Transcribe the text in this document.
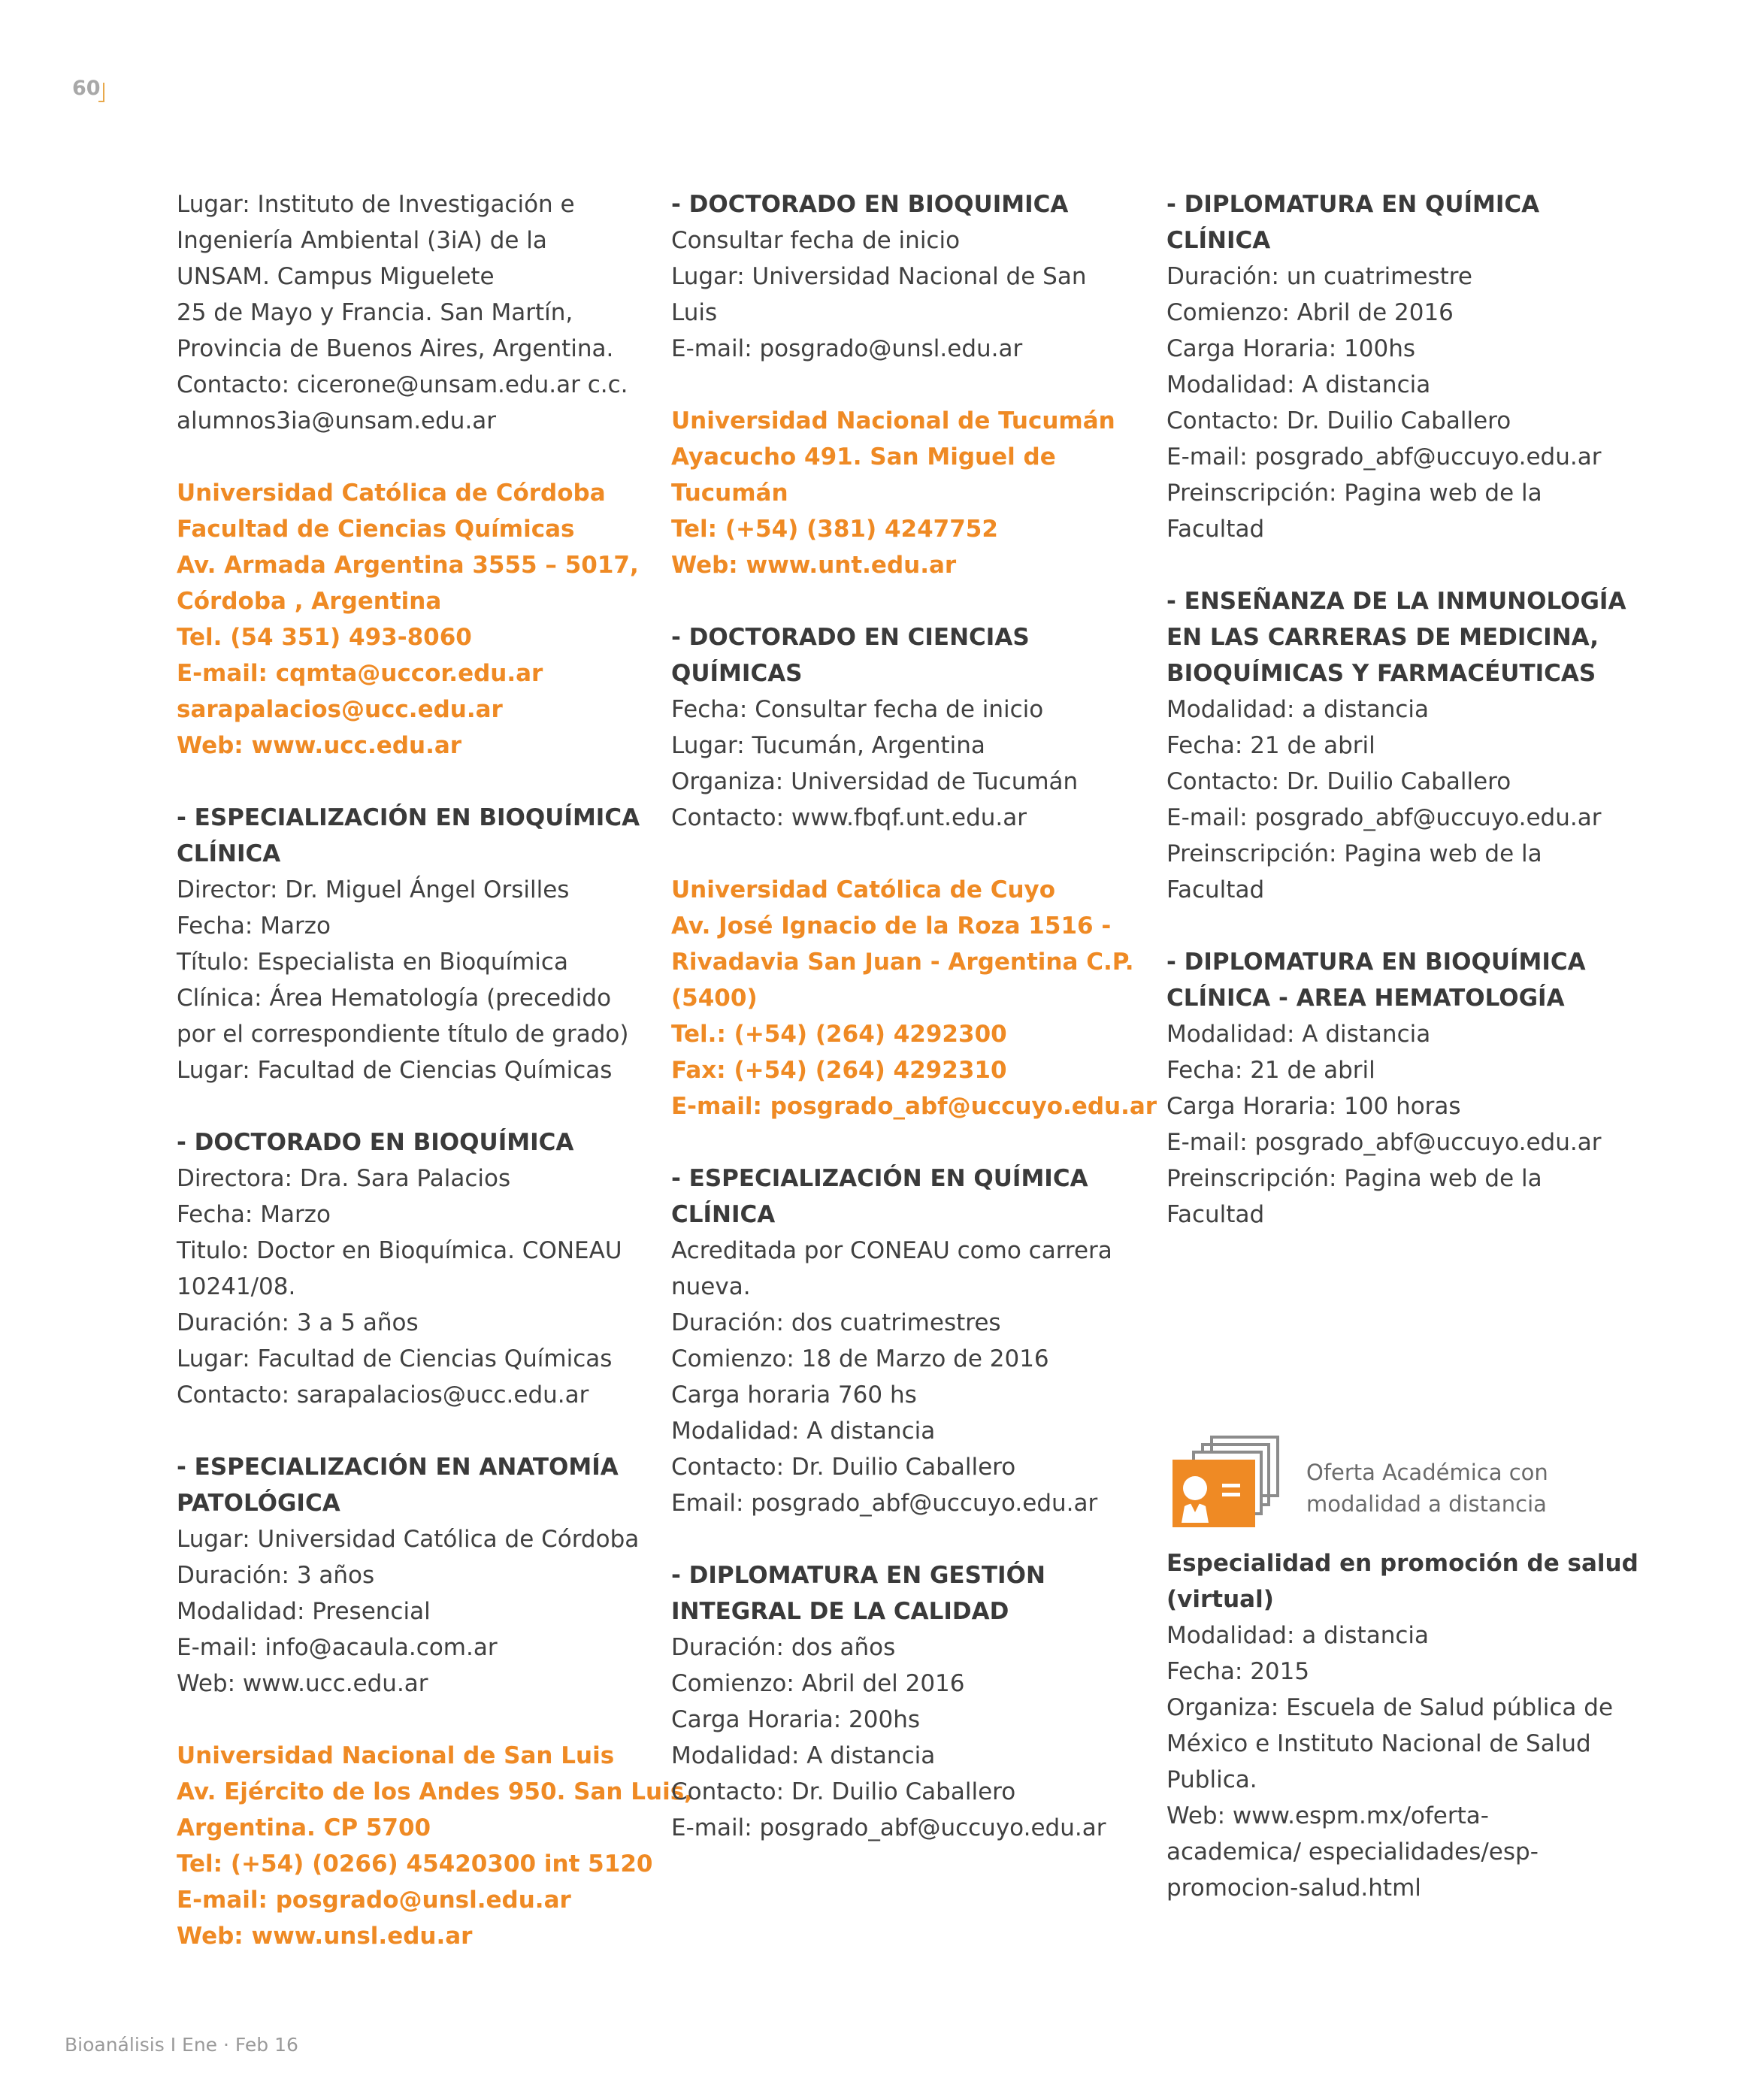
60
Lugar: Instituto de Investigación e
Ingeniería Ambiental (3iA) de la
UNSAM. Campus Miguelete
25 de Mayo y Francia. San Martín,
Provincia de Buenos Aires, Argentina.
Contacto: cicerone@unsam.edu.ar c.c.
alumnos3ia@unsam.edu.ar
Universidad Católica de Córdoba
Facultad de Ciencias Químicas
Av. Armada Argentina 3555 – 5017,
Córdoba , Argentina
Tel. (54 351) 493-8060
E-mail: cqmta@uccor.edu.ar
sarapalacios@ucc.edu.ar
Web: www.ucc.edu.ar
- ESPECIALIZACIÓN EN BIOQUÍMICA
CLÍNICA
Director: Dr. Miguel Ángel Orsilles
Fecha: Marzo
Título: Especialista en Bioquímica
Clínica: Área Hematología (precedido
por el correspondiente título de grado)
Lugar: Facultad de Ciencias Químicas
- DOCTORADO EN BIOQUÍMICA
Directora: Dra. Sara Palacios
Fecha: Marzo
Titulo: Doctor en Bioquímica. CONEAU
10241/08.
Duración: 3 a 5 años
Lugar: Facultad de Ciencias Químicas
Contacto: sarapalacios@ucc.edu.ar
- ESPECIALIZACIÓN EN ANATOMÍA
PATOLÓGICA
Lugar: Universidad Católica de Córdoba
Duración: 3 años
Modalidad: Presencial
E-mail: info@acaula.com.ar
Web: www.ucc.edu.ar
Universidad Nacional de San Luis
Av. Ejército de los Andes 950. San Luis,
Argentina. CP 5700
Tel: (+54) (0266) 45420300 int 5120
E-mail: posgrado@unsl.edu.ar
Web: www.unsl.edu.ar
- DOCTORADO EN BIOQUIMICA
Consultar fecha de inicio
Lugar: Universidad Nacional de San
Luis
E-mail: posgrado@unsl.edu.ar
Universidad Nacional de Tucumán
Ayacucho 491. San Miguel de
Tucumán
Tel: (+54) (381) 4247752
Web: www.unt.edu.ar
- DOCTORADO EN CIENCIAS
QUÍMICAS
Fecha: Consultar fecha de inicio
Lugar: Tucumán, Argentina
Organiza: Universidad de Tucumán
Contacto: www.fbqf.unt.edu.ar
Universidad Católica de Cuyo
Av. José Ignacio de la Roza 1516 -
Rivadavia San Juan - Argentina C.P.
(5400)
Tel.: (+54) (264) 4292300
Fax: (+54) (264) 4292310
E-mail: posgrado_abf@uccuyo.edu.ar
- ESPECIALIZACIÓN EN QUÍMICA
CLÍNICA
Acreditada por CONEAU como carrera
nueva.
Duración: dos cuatrimestres
Comienzo: 18 de Marzo de 2016
Carga horaria 760 hs
Modalidad: A distancia
Contacto: Dr. Duilio Caballero
Email: posgrado_abf@uccuyo.edu.ar
- DIPLOMATURA EN GESTIÓN
INTEGRAL DE LA CALIDAD
Duración: dos años
Comienzo: Abril del 2016
Carga Horaria: 200hs
Modalidad: A distancia
Contacto: Dr. Duilio Caballero
E-mail: posgrado_abf@uccuyo.edu.ar
- DIPLOMATURA EN QUÍMICA
CLÍNICA
Duración: un cuatrimestre
Comienzo: Abril de 2016
Carga Horaria: 100hs
Modalidad: A distancia
Contacto: Dr. Duilio Caballero
E-mail: posgrado_abf@uccuyo.edu.ar
Preinscripción: Pagina web de la
Facultad
- ENSEÑANZA DE LA INMUNOLOGÍA
EN LAS CARRERAS DE MEDICINA,
BIOQUÍMICAS Y FARMACÉUTICAS
Modalidad: a distancia
Fecha: 21 de abril
Contacto: Dr. Duilio Caballero
E-mail: posgrado_abf@uccuyo.edu.ar
Preinscripción: Pagina web de la
Facultad
- DIPLOMATURA EN BIOQUÍMICA
CLÍNICA - AREA HEMATOLOGÍA
Modalidad: A distancia
Fecha: 21 de abril
Carga Horaria: 100 horas
E-mail: posgrado_abf@uccuyo.edu.ar
Preinscripción: Pagina web de la
Facultad
Oferta Académica con
modalidad a distancia
Especialidad en promoción de salud
(virtual)
Modalidad: a distancia
Fecha: 2015
Organiza: Escuela de Salud pública de
México e Instituto Nacional de Salud
Publica.
Web: www.espm.mx/oferta-
academica/ especialidades/esp-
promocion-salud.html
Bioanálisis I Ene · Feb 16
